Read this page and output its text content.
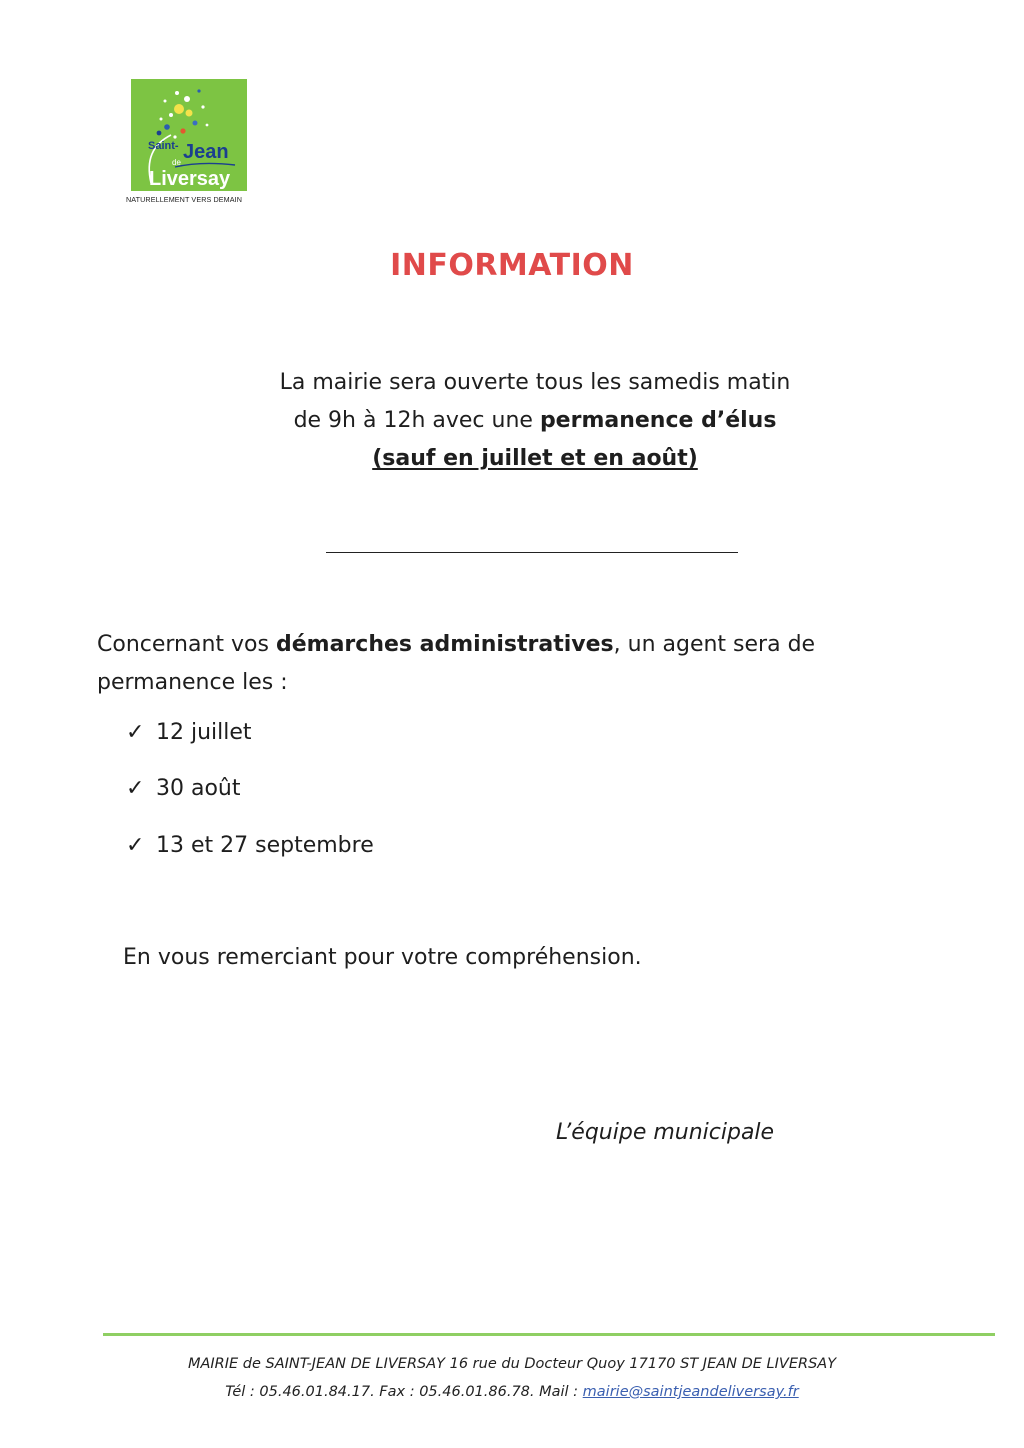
Saint- Jean
de
Liversay
NATURELLEMENT VERS DEMAIN
INFORMATION
La mairie sera ouverte tous les samedis matin
de 9h à 12h avec une permanence d’élus
(sauf en juillet et en août)
Concernant vos démarches administratives, un agent sera de permanence les :
✓ 12 juillet
✓ 30 août
✓ 13 et 27 septembre
En vous remerciant pour votre compréhension.
L’équipe municipale
MAIRIE de SAINT-JEAN DE LIVERSAY 16 rue du Docteur Quoy 17170 ST JEAN DE LIVERSAY
Tél : 05.46.01.84.17. Fax : 05.46.01.86.78. Mail : mairie@saintjeandeliversay.fr
